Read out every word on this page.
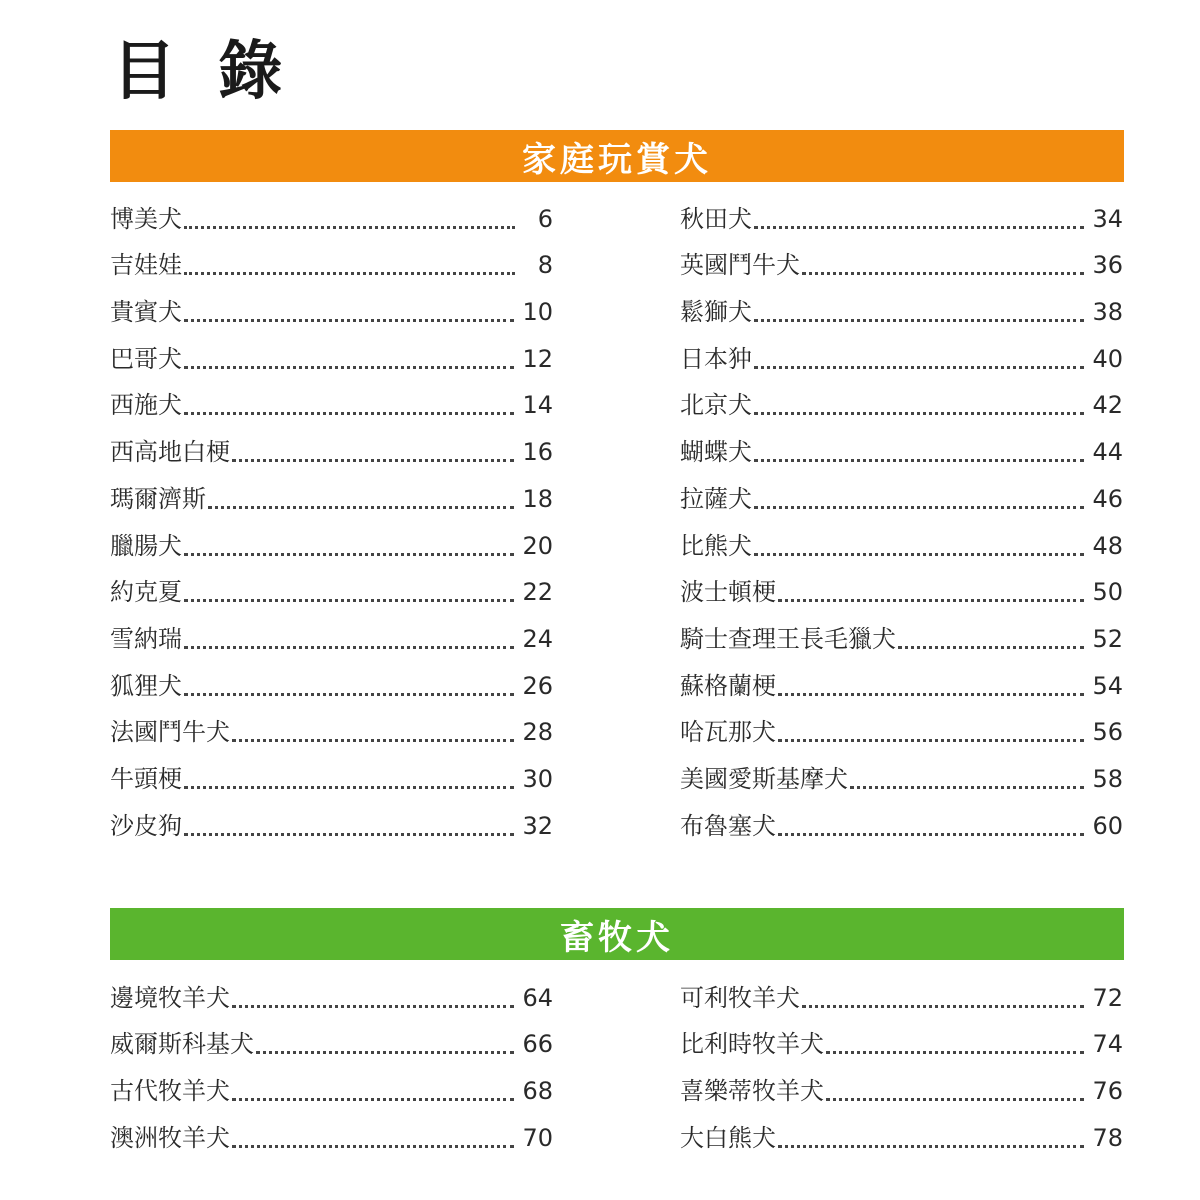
目 錄
家庭玩賞犬
博美犬	6
吉娃娃	8
貴賓犬	10
巴哥犬	12
西施犬	14
西高地白梗	16
瑪爾濟斯	18
臘腸犬	20
約克夏	22
雪納瑞	24
狐狸犬	26
法國鬥牛犬	28
牛頭梗	30
沙皮狗	32
秋田犬	34
英國鬥牛犬	36
鬆獅犬	38
日本狆	40
北京犬	42
蝴蝶犬	44
拉薩犬	46
比熊犬	48
波士頓梗	50
騎士查理王長毛獵犬	52
蘇格蘭梗	54
哈瓦那犬	56
美國愛斯基摩犬	58
布魯塞犬	60
畜牧犬
邊境牧羊犬	64
威爾斯科基犬	66
古代牧羊犬	68
澳洲牧羊犬	70
可利牧羊犬	72
比利時牧羊犬	74
喜樂蒂牧羊犬	76
大白熊犬	78
